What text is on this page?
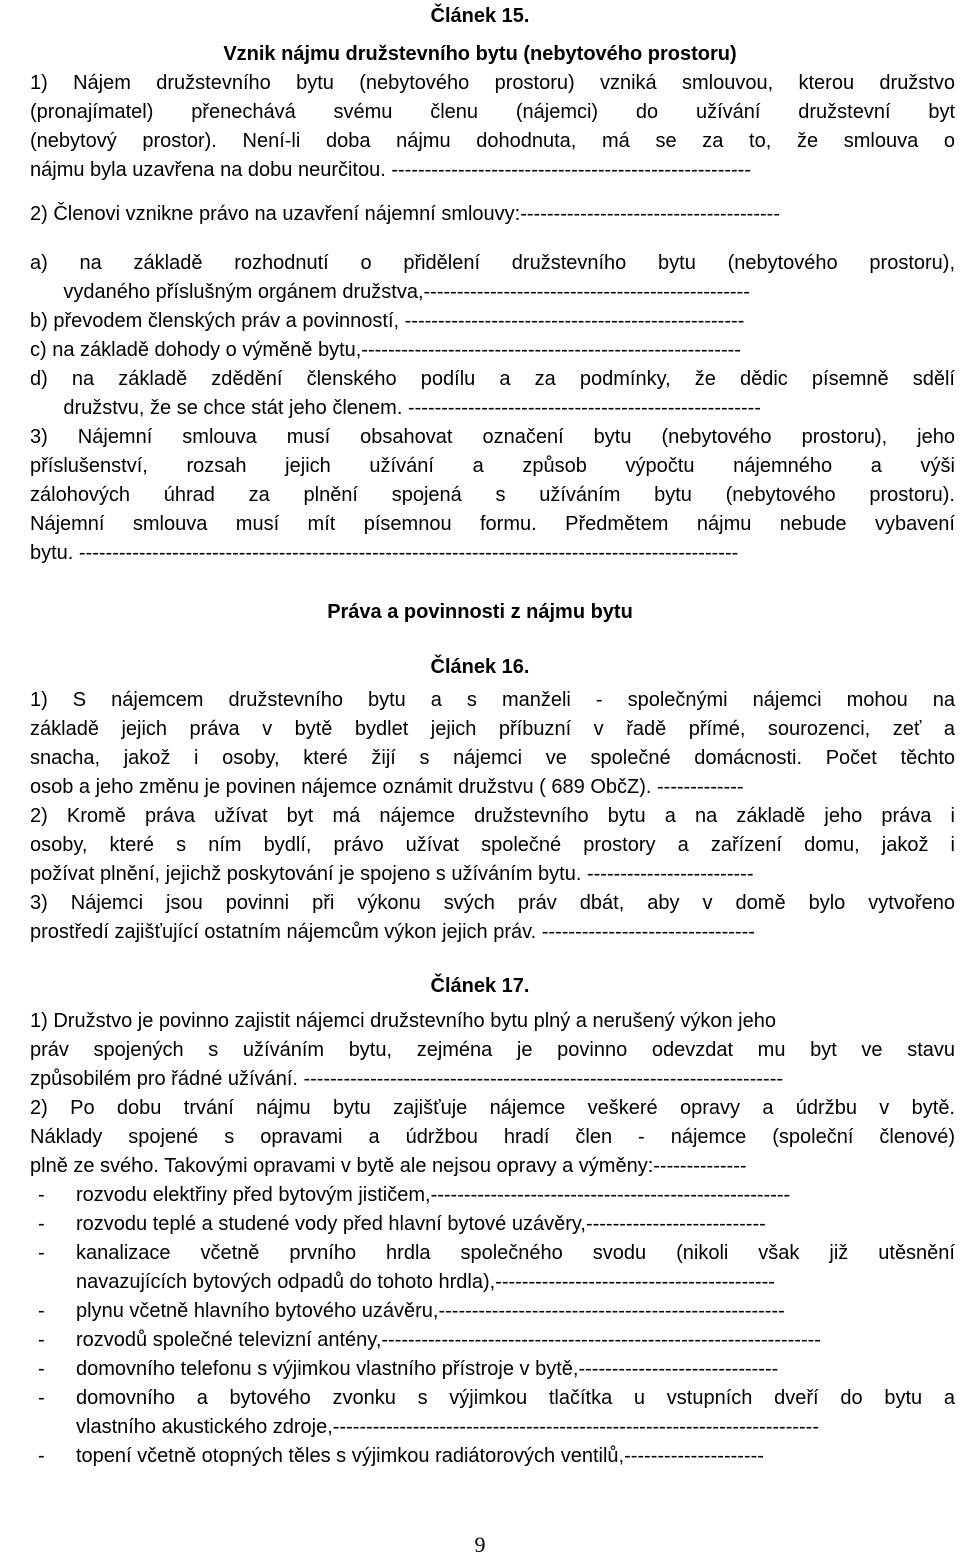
Článek 15.
Vznik nájmu družstevního bytu (nebytového prostoru)
1) Nájem družstevního bytu (nebytového prostoru) vzniká smlouvou, kterou družstvo
(pronajímatel) přenechává svému členu (nájemci) do užívání družstevní byt
(nebytový prostor). Není-li doba nájmu dohodnuta, má se za to, že smlouva o
nájmu byla uzavřena na dobu neurčitou. ------------------------------------------------------
2) Členovi vznikne právo na uzavření nájemní smlouvy:---------------------------------------
a) na základě rozhodnutí o přidělení družstevního bytu (nebytového prostoru),
vydaného příslušným orgánem družstva,-------------------------------------------------
b) převodem členských práv a povinností, ---------------------------------------------------
c) na základě dohody o výměně bytu,---------------------------------------------------------
d) na základě zdědění členského podílu a za podmínky, že dědic písemně sdělí
družstvu, že se chce stát jeho členem. -----------------------------------------------------
3) Nájemní smlouva musí obsahovat označení bytu (nebytového prostoru), jeho
příslušenství, rozsah jejich užívání a způsob výpočtu nájemného a výši
zálohových úhrad za plnění spojená s užíváním bytu (nebytového prostoru).
Nájemní smlouva musí mít písemnou formu. Předmětem nájmu nebude vybavení
bytu. ---------------------------------------------------------------------------------------------------
Práva a povinnosti z nájmu bytu
Článek 16.
1) S nájemcem družstevního bytu a s manželi - společnými nájemci mohou na
základě jejich práva v bytě bydlet jejich příbuzní v řadě přímé, sourozenci, zeť a
snacha, jakož i osoby, které žijí s nájemci ve společné domácnosti. Počet těchto
osob a jeho změnu je povinen nájemce oznámit družstvu ( 689 ObčZ). -------------
2) Kromě práva užívat byt má nájemce družstevního bytu a na základě jeho práva i
osoby, které s ním bydlí, právo užívat společné prostory a zařízení domu, jakož i
požívat plnění, jejichž poskytování je spojeno s užíváním bytu. -------------------------
3) Nájemci jsou povinni při výkonu svých práv dbát, aby v domě bylo vytvořeno
prostředí zajišťující ostatním nájemcům výkon jejich práv. --------------------------------
Článek 17.
1) Družstvo je povinno zajistit nájemci družstevního bytu plný a nerušený výkon jeho
práv spojených s užíváním bytu, zejména je povinno odevzdat mu byt ve stavu
způsobilém pro řádné užívání. ------------------------------------------------------------------------
2) Po dobu trvání nájmu bytu zajišťuje nájemce veškeré opravy a údržbu v bytě.
Náklady spojené s opravami a údržbou hradí člen - nájemce (společní členové)
plně ze svého. Takovými opravami v bytě ale nejsou opravy a výměny:--------------
- rozvodu elektřiny před bytovým jističem,------------------------------------------------------
- rozvodu teplé a studené vody před hlavní bytové uzávěry,---------------------------
- kanalizace včetně prvního hrdla společného svodu (nikoli však již utěsnění
navazujících bytových odpadů do tohoto hrdla),------------------------------------------
- plynu včetně hlavního bytového uzávěru,----------------------------------------------------
- rozvodů společné televizní antény,------------------------------------------------------------------
- domovního telefonu s výjimkou vlastního přístroje v bytě,------------------------------
- domovního a bytového zvonku s výjimkou tlačítka u vstupních dveří do bytu a
vlastního akustického zdroje,-------------------------------------------------------------------------
- topení včetně otopných těles s výjimkou radiátorových ventilů,---------------------
9
